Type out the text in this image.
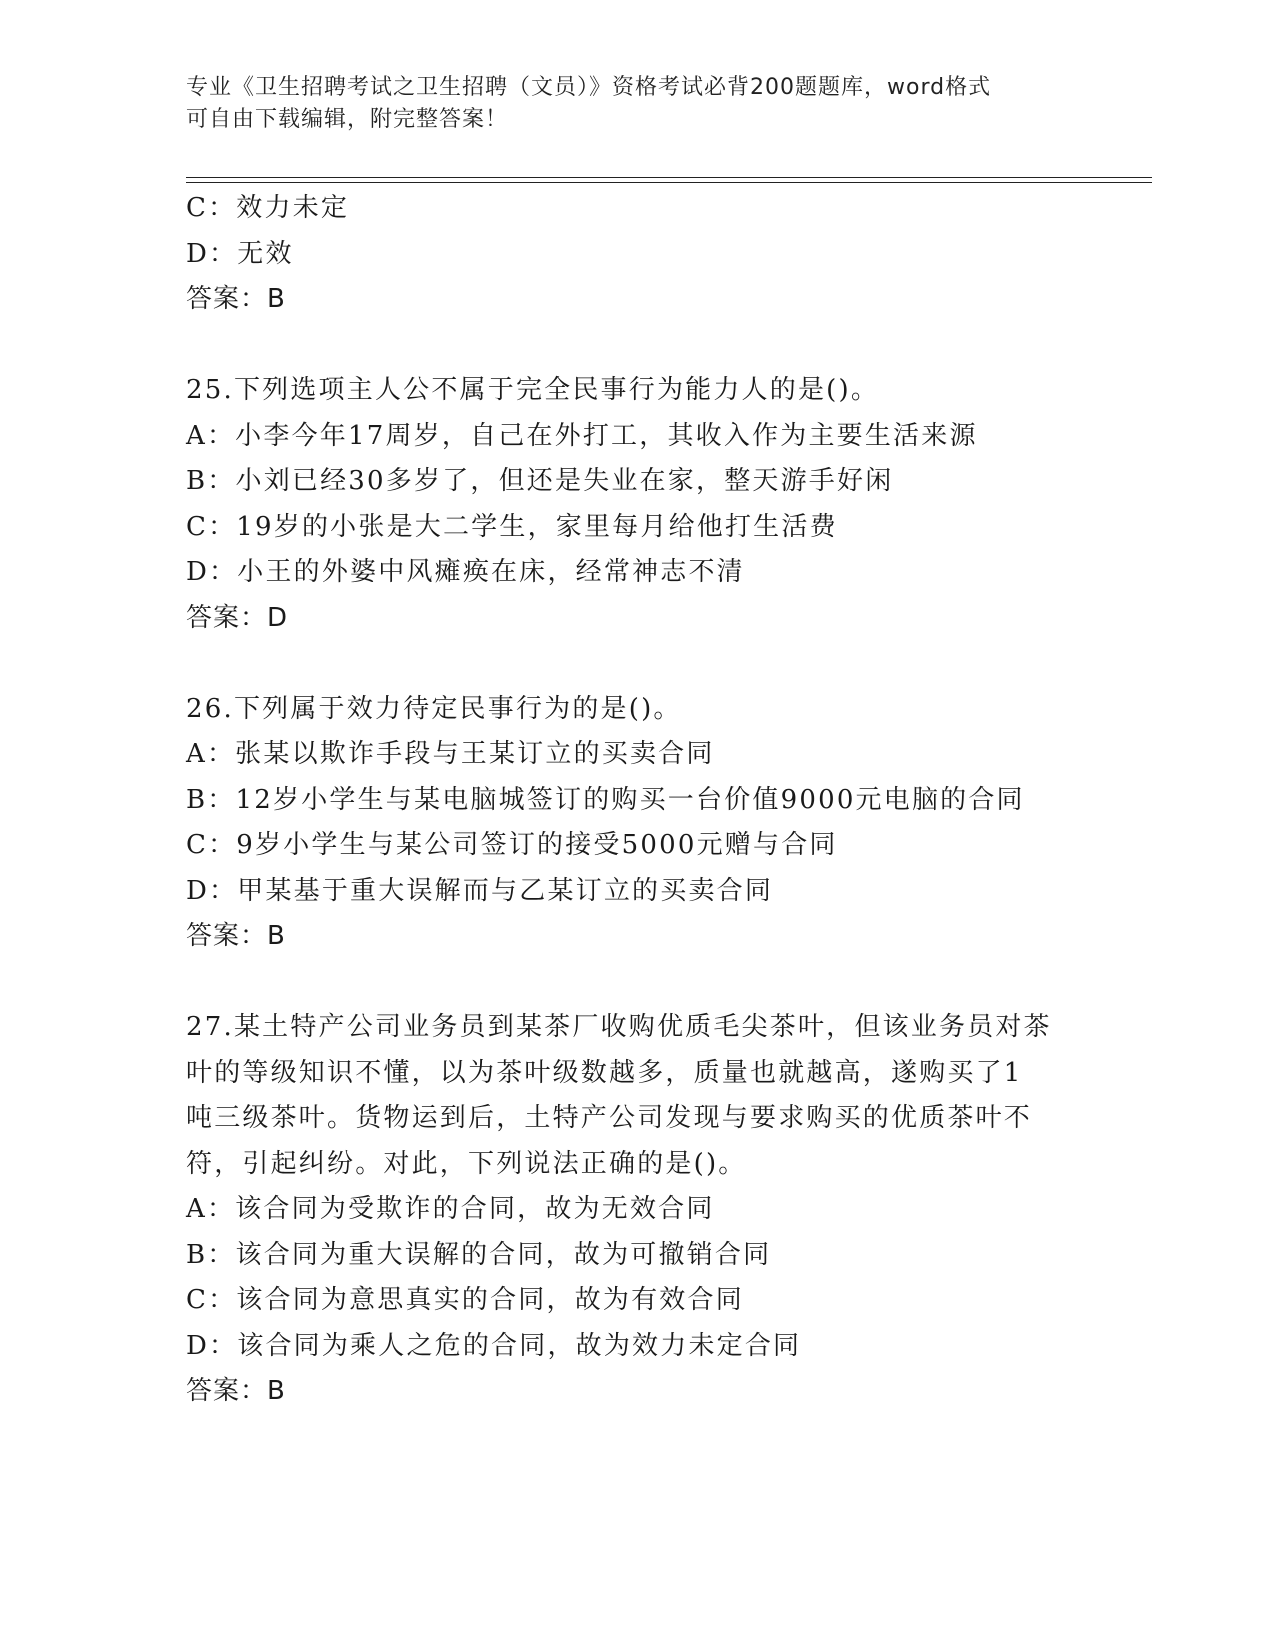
专业《卫生招聘考试之卫生招聘（文员）》资格考试必背200题题库，word格式
可自由下载编辑，附完整答案！
C：效力未定
D：无效
答案：B
25.下列选项主人公不属于完全民事行为能力人的是()。
A：小李今年17周岁，自己在外打工，其收入作为主要生活来源
B：小刘已经30多岁了，但还是失业在家，整天游手好闲
C：19岁的小张是大二学生，家里每月给他打生活费
D：小王的外婆中风瘫痪在床，经常神志不清
答案：D
26.下列属于效力待定民事行为的是()。
A：张某以欺诈手段与王某订立的买卖合同
B：12岁小学生与某电脑城签订的购买一台价值9000元电脑的合同
C：9岁小学生与某公司签订的接受5000元赠与合同
D：甲某基于重大误解而与乙某订立的买卖合同
答案：B
27.某土特产公司业务员到某茶厂收购优质毛尖茶叶，但该业务员对茶
叶的等级知识不懂，以为茶叶级数越多，质量也就越高，遂购买了1
吨三级茶叶。货物运到后，土特产公司发现与要求购买的优质茶叶不
符，引起纠纷。对此，下列说法正确的是()。
A：该合同为受欺诈的合同，故为无效合同
B：该合同为重大误解的合同，故为可撤销合同
C：该合同为意思真实的合同，故为有效合同
D：该合同为乘人之危的合同，故为效力未定合同
答案：B
